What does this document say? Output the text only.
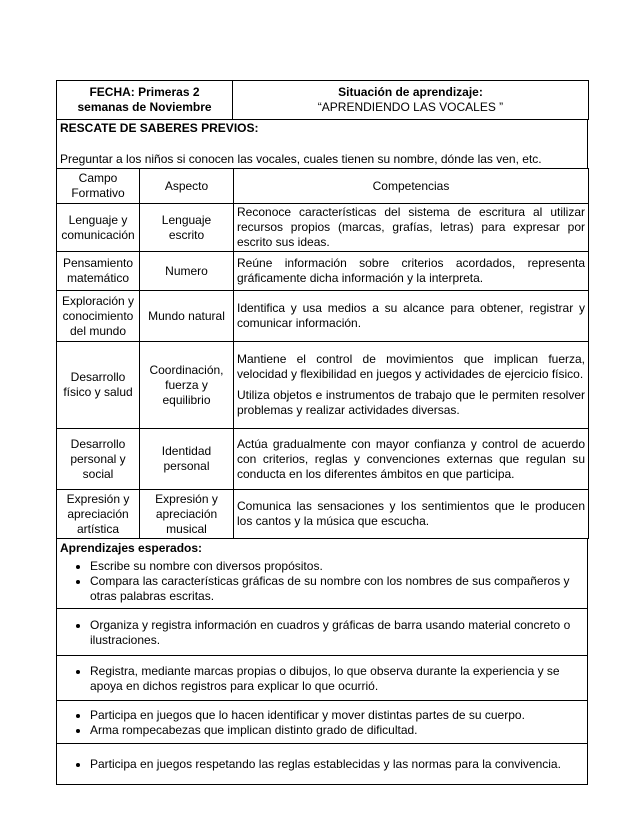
FECHA: Primeras 2
semanas de Noviembre

Situación de aprendizaje:
“APRENDIENDO LAS VOCALES ”
RESCATE DE SABERES PREVIOS:
Preguntar a los niños si conocen las vocales, cuales tienen su nombre, dónde las ven, etc.
Campo Formativo	Aspecto	Competencias
Lenguaje y comunicación	Lenguaje escrito	Reconoce características del sistema de escritura al utilizar recursos propios (marcas, grafías, letras) para expresar por escrito sus ideas.

Pensamiento matemático	Numero	Reúne información sobre criterios acordados, representa gráficamente dicha información y la interpreta.

Exploración y conocimiento del mundo	Mundo natural	Identifica y usa medios a su alcance para obtener, registrar y comunicar información.

Desarrollo físico y salud	Coordinación, fuerza y equilibrio	Mantiene el control de movimientos que implican fuerza, velocidad y flexibilidad en juegos y actividades de ejercicio físico.
Utiliza objetos e instrumentos de trabajo que le permiten resolver problemas y realizar actividades diversas.

Desarrollo personal y social	Identidad personal	Actúa gradualmente con mayor confianza y control de acuerdo con criterios, reglas y convenciones externas que regulan su conducta en los diferentes ámbitos en que participa.

Expresión y apreciación artística	Expresión y apreciación musical	Comunica las sensaciones y los sentimientos que le producen los cantos y la música que escucha.
Aprendizajes esperados:
• Escribe su nombre con diversos propósitos.
• Compara las características gráficas de su nombre con los nombres de sus compañeros y otras palabras escritas.

• Organiza y registra información en cuadros y gráficas de barra usando material concreto o ilustraciones.

• Registra, mediante marcas propias o dibujos, lo que observa durante la experiencia y se apoya en dichos registros para explicar lo que ocurrió.

• Participa en juegos que lo hacen identificar y mover distintas partes de su cuerpo.
• Arma rompecabezas que implican distinto grado de dificultad.

• Participa en juegos respetando las reglas establecidas y las normas para la convivencia.
